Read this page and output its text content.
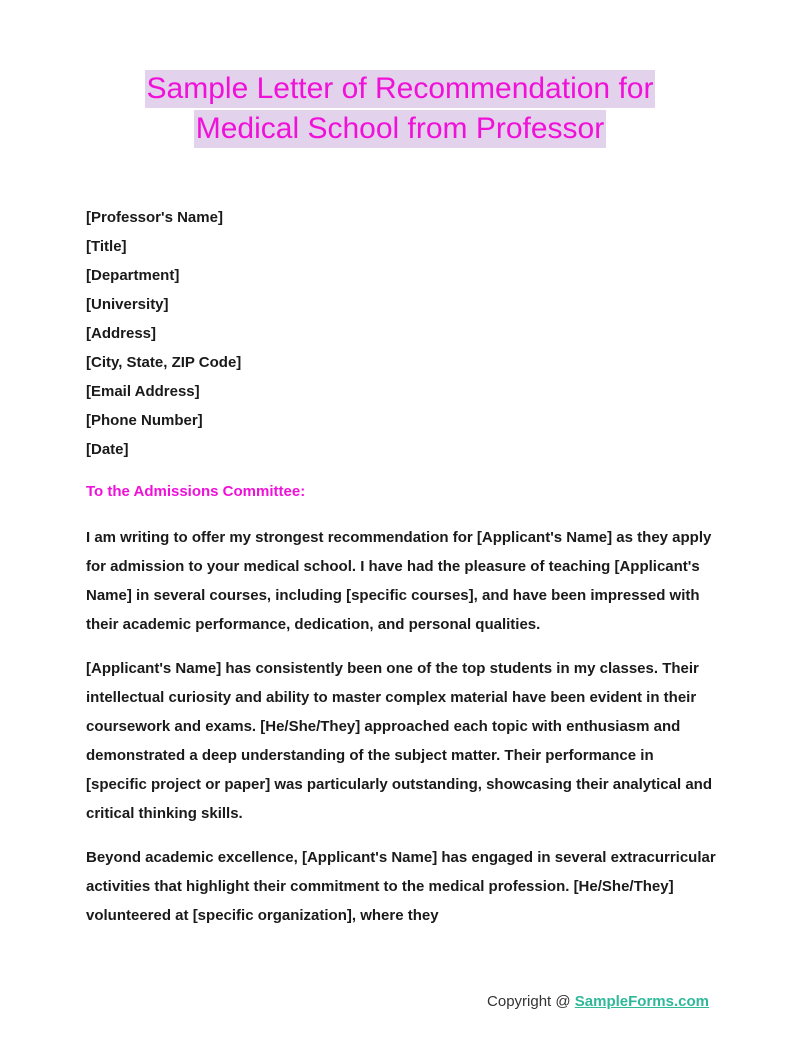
Sample Letter of Recommendation for
Medical School from Professor
[Professor's Name]
[Title]
[Department]
[University]
[Address]
[City, State, ZIP Code]
[Email Address]
[Phone Number]
[Date]
To the Admissions Committee:

I am writing to offer my strongest recommendation for [Applicant's Name] as they apply for admission to your medical school. I have had the pleasure of teaching [Applicant's Name] in several courses, including [specific courses], and have been impressed with their academic performance, dedication, and personal qualities.

[Applicant's Name] has consistently been one of the top students in my classes. Their intellectual curiosity and ability to master complex material have been evident in their coursework and exams. [He/She/They] approached each topic with enthusiasm and demonstrated a deep understanding of the subject matter. Their performance in [specific project or paper] was particularly outstanding, showcasing their analytical and critical thinking skills.

Beyond academic excellence, [Applicant's Name] has engaged in several extracurricular activities that highlight their commitment to the medical profession. [He/She/They] volunteered at [specific organization], where they

Copyright @ SampleForms.com
